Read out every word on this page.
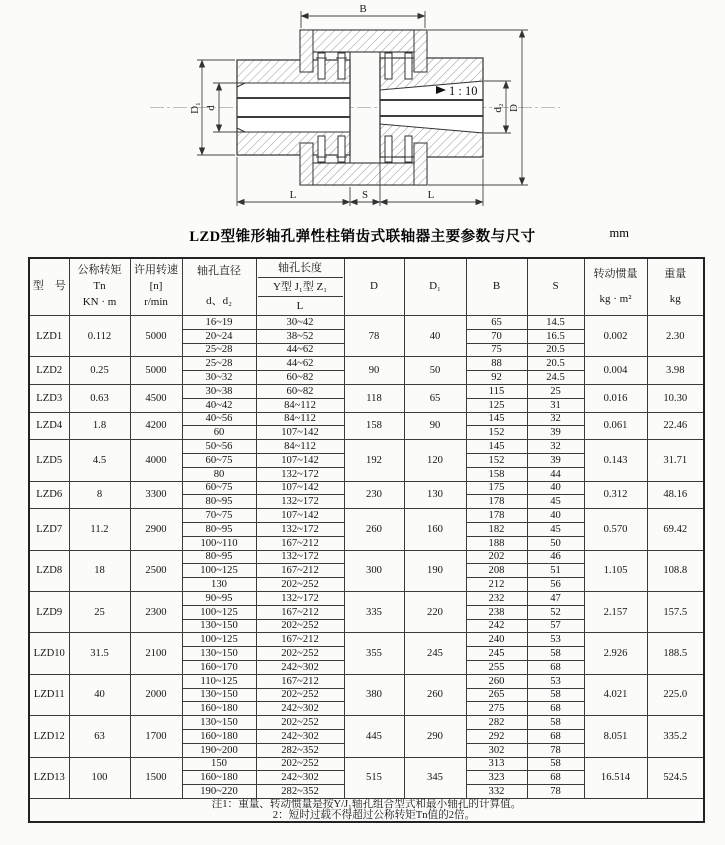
1 : 10
B
D₁ d	d₂ D
L	S	L
LZD型锥形轴孔弹性柱销齿式联轴器主要参数与尺寸	mm
型　号

公称转矩
Tn
KN · m

许用转速
[n]
r/min

轴孔直径
d、d₂

轴孔长度
Y型 J₁型 Z₁
L

D	D₁	B	S

转动惯量
kg · m²

重量
kg

LZD1	0.112	5000	16~19	30~42	78	40	65	14.5	0.002	2.30
			20~24	38~52			70	16.5		
			25~28	44~62			75	20.5		
LZD2	0.25	5000	25~28	44~62	90	50	88	20.5	0.004	3.98
			30~32	60~82			92	24.5		
LZD3	0.63	4500	30~38	60~82	118	65	115	25	0.016	10.30
			40~42	84~112			125	31		
LZD4	1.8	4200	40~56	84~112	158	90	145	32	0.061	22.46
			60	107~142			152	39		
LZD5	4.5	4000	50~56	84~112	192	120	145	32	0.143	31.71
			60~75	107~142			152	39		
			80	132~172			158	44		
LZD6	8	3300	60~75	107~142	230	130	175	40	0.312	48.16
			80~95	132~172			178	45		
LZD7	11.2	2900	70~75	107~142	260	160	178	40	0.570	69.42
			80~95	132~172			182	45		
			100~110	167~212			188	50		
LZD8	18	2500	80~95	132~172	300	190	202	46	1.105	108.8
			100~125	167~212			208	51		
			130	202~252			212	56		
LZD9	25	2300	90~95	132~172	335	220	232	47	2.157	157.5
			100~125	167~212			238	52		
			130~150	202~252			242	57		
LZD10	31.5	2100	100~125	167~212	355	245	240	53	2.926	188.5
			130~150	202~252			245	58		
			160~170	242~302			255	68		
LZD11	40	2000	110~125	167~212	380	260	260	53	4.021	225.0
			130~150	202~252			265	58		
			160~180	242~302			275	68		
LZD12	63	1700	130~150	202~252	445	290	282	58	8.051	335.2
			160~180	242~302			292	68		
			190~200	282~352			302	78		
LZD13	100	1500	150	202~252	515	345	313	58	16.514	524.5
			160~180	242~302			323	68		
			190~220	282~352			332	78		

注1：重量、转动惯量是按Y/J₁轴孔组合型式和最小轴孔的计算值。
2：短时过载不得超过公称转矩Tn值的2倍。										
